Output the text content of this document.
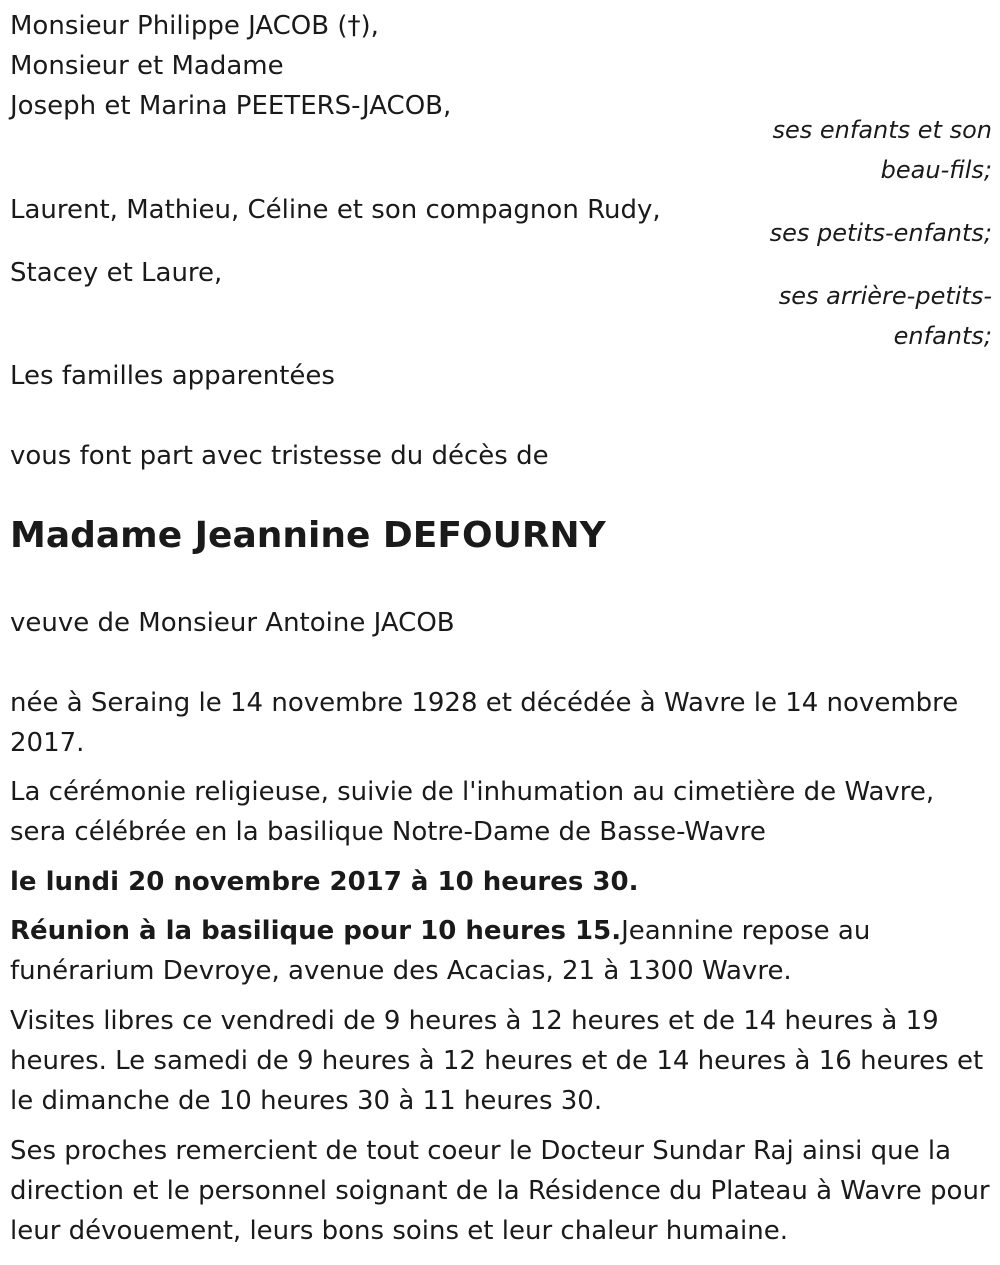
Monsieur Philippe JACOB (†),

Monsieur et Madame

Joseph et Marina PEETERS-JACOB,

ses enfants et son

beau-fils;

Laurent, Mathieu, Céline et son compagnon Rudy,

ses petits-enfants;

Stacey et Laure,

ses arrière-petits-

enfants;

Les familles apparentées

vous font part avec tristesse du décès de

Madame Jeannine DEFOURNY

veuve de Monsieur Antoine JACOB

née à Seraing le 14 novembre 1928 et décédée à Wavre le 14 novembre 2017.

La cérémonie religieuse, suivie de l'inhumation au cimetière de Wavre, sera célébrée en la basilique Notre-Dame de Basse-Wavre

le lundi 20 novembre 2017 à 10 heures 30.

Réunion à la basilique pour 10 heures 15.Jeannine repose au funérarium Devroye, avenue des Acacias, 21 à 1300 Wavre.

Visites libres ce vendredi de 9 heures à 12 heures et de 14 heures à 19 heures. Le samedi de 9 heures à 12 heures et de 14 heures à 16 heures et le dimanche de 10 heures 30 à 11 heures 30.

Ses proches remercient de tout coeur le Docteur Sundar Raj ainsi que la direction et le personnel soignant de la Résidence du Plateau à Wavre pour leur dévouement, leurs bons soins et leur chaleur humaine.
